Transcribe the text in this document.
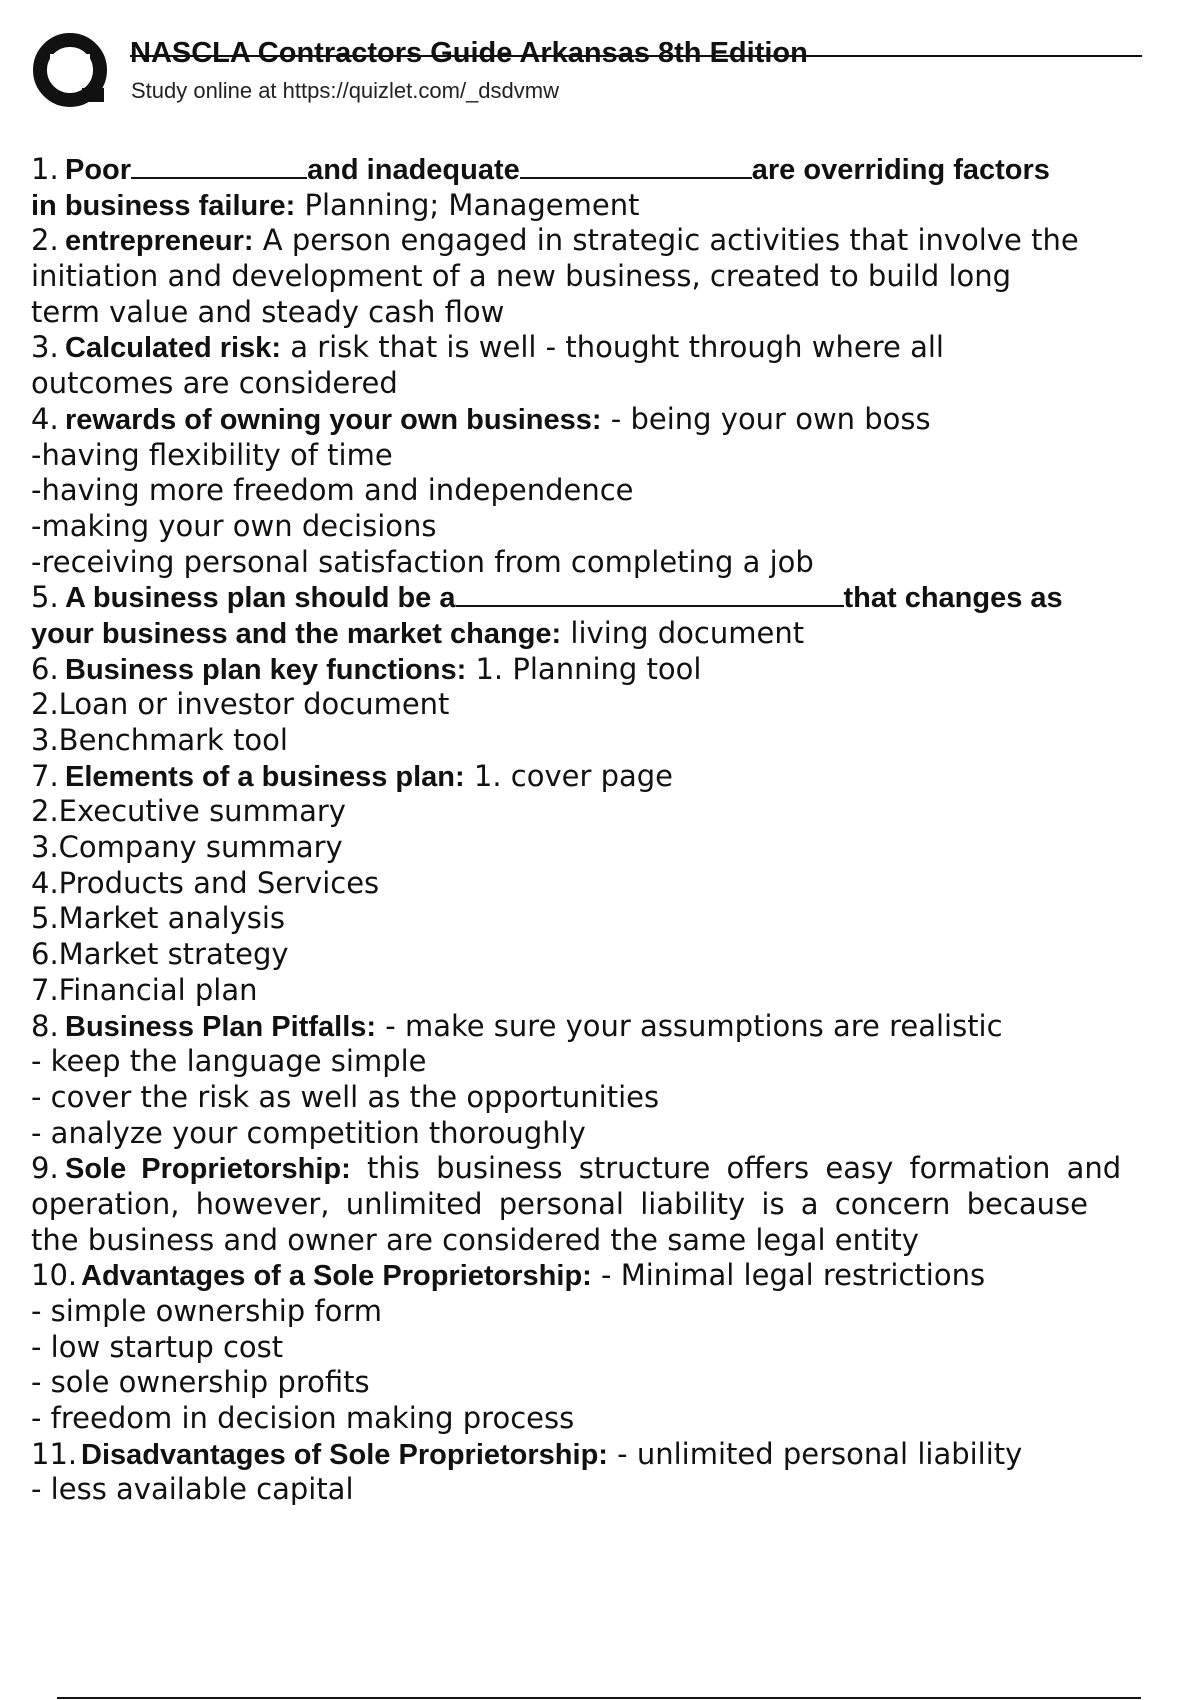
NASCLA Contractors Guide Arkansas 8th Edition
Study online at https://quizlet.com/_dsdvmw
1. Poor	and inadequate	are overriding factors
in business failure: Planning; Management
2. entrepreneur: A person engaged in strategic activities that involve the
initiation and development of a new business, created to build long
term value and steady cash flow
3. Calculated risk: a risk that is well - thought through where all
outcomes are considered
4. rewards of owning your own business: - being your own boss
-having flexibility of time
-having more freedom and independence
-making your own decisions
-receiving personal satisfaction from completing a job
5. A business plan should be a	that changes as
your business and the market change: living document
6. Business plan key functions: 1. Planning tool
2.Loan or investor document
3.Benchmark tool
7. Elements of a business plan: 1. cover page
2.Executive summary
3.Company summary
4.Products and Services
5.Market analysis
6.Market strategy
7.Financial plan
8. Business Plan Pitfalls: - make sure your assumptions are realistic
- keep the language simple
- cover the risk as well as the opportunities
- analyze your competition thoroughly
9. Sole Proprietorship: this business structure offers easy formation and
operation, however, unlimited personal liability is a concern because
the business and owner are considered the same legal entity
10. Advantages of a Sole Proprietorship: - Minimal legal restrictions
- simple ownership form
- low startup cost
- sole ownership profits
- freedom in decision making process
11. Disadvantages of Sole Proprietorship: - unlimited personal liability
- less available capital
